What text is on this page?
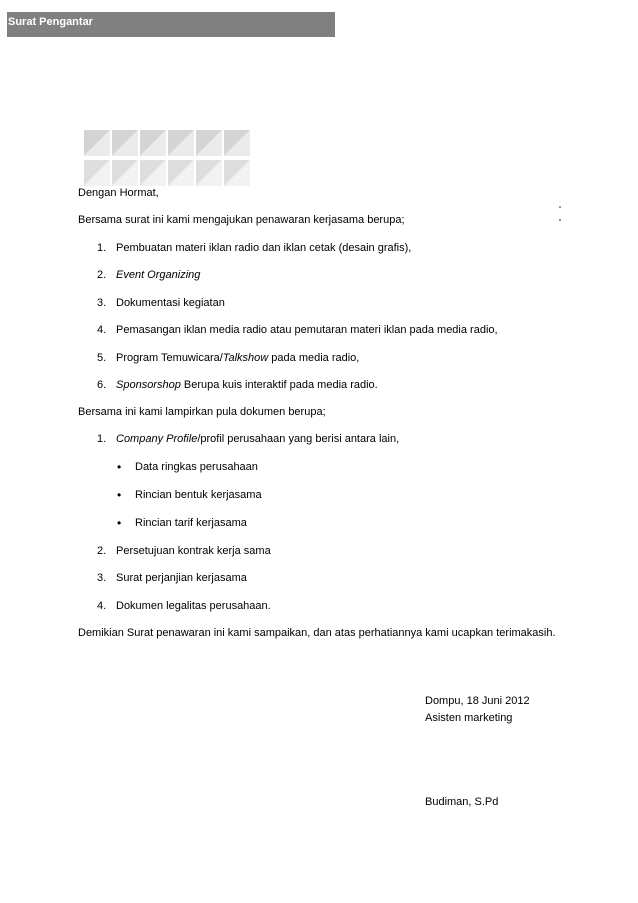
Surat Pengantar
Dengan Hormat,
Bersama surat ini kami mengajukan penawaran kerjasama berupa;
1. Pembuatan materi iklan radio dan iklan cetak (desain grafis),
2. Event Organizing
3. Dokumentasi kegiatan
4. Pemasangan iklan media radio atau pemutaran materi iklan pada media radio,
5. Program Temuwicara/Talkshow pada media radio,
6. Sponsorshop Berupa kuis interaktif pada media radio.
Bersama ini kami lampirkan pula dokumen berupa;
1. Company Profile/profil perusahaan yang berisi antara lain,
• Data ringkas perusahaan
• Rincian bentuk kerjasama
• Rincian tarif kerjasama
2. Persetujuan kontrak kerja sama
3. Surat perjanjian kerjasama
4. Dokumen legalitas perusahaan.
Demikian Surat penawaran ini kami sampaikan, dan atas perhatiannya kami ucapkan terimakasih.
Dompu, 18 Juni 2012
Asisten marketing
Budiman, S.Pd
